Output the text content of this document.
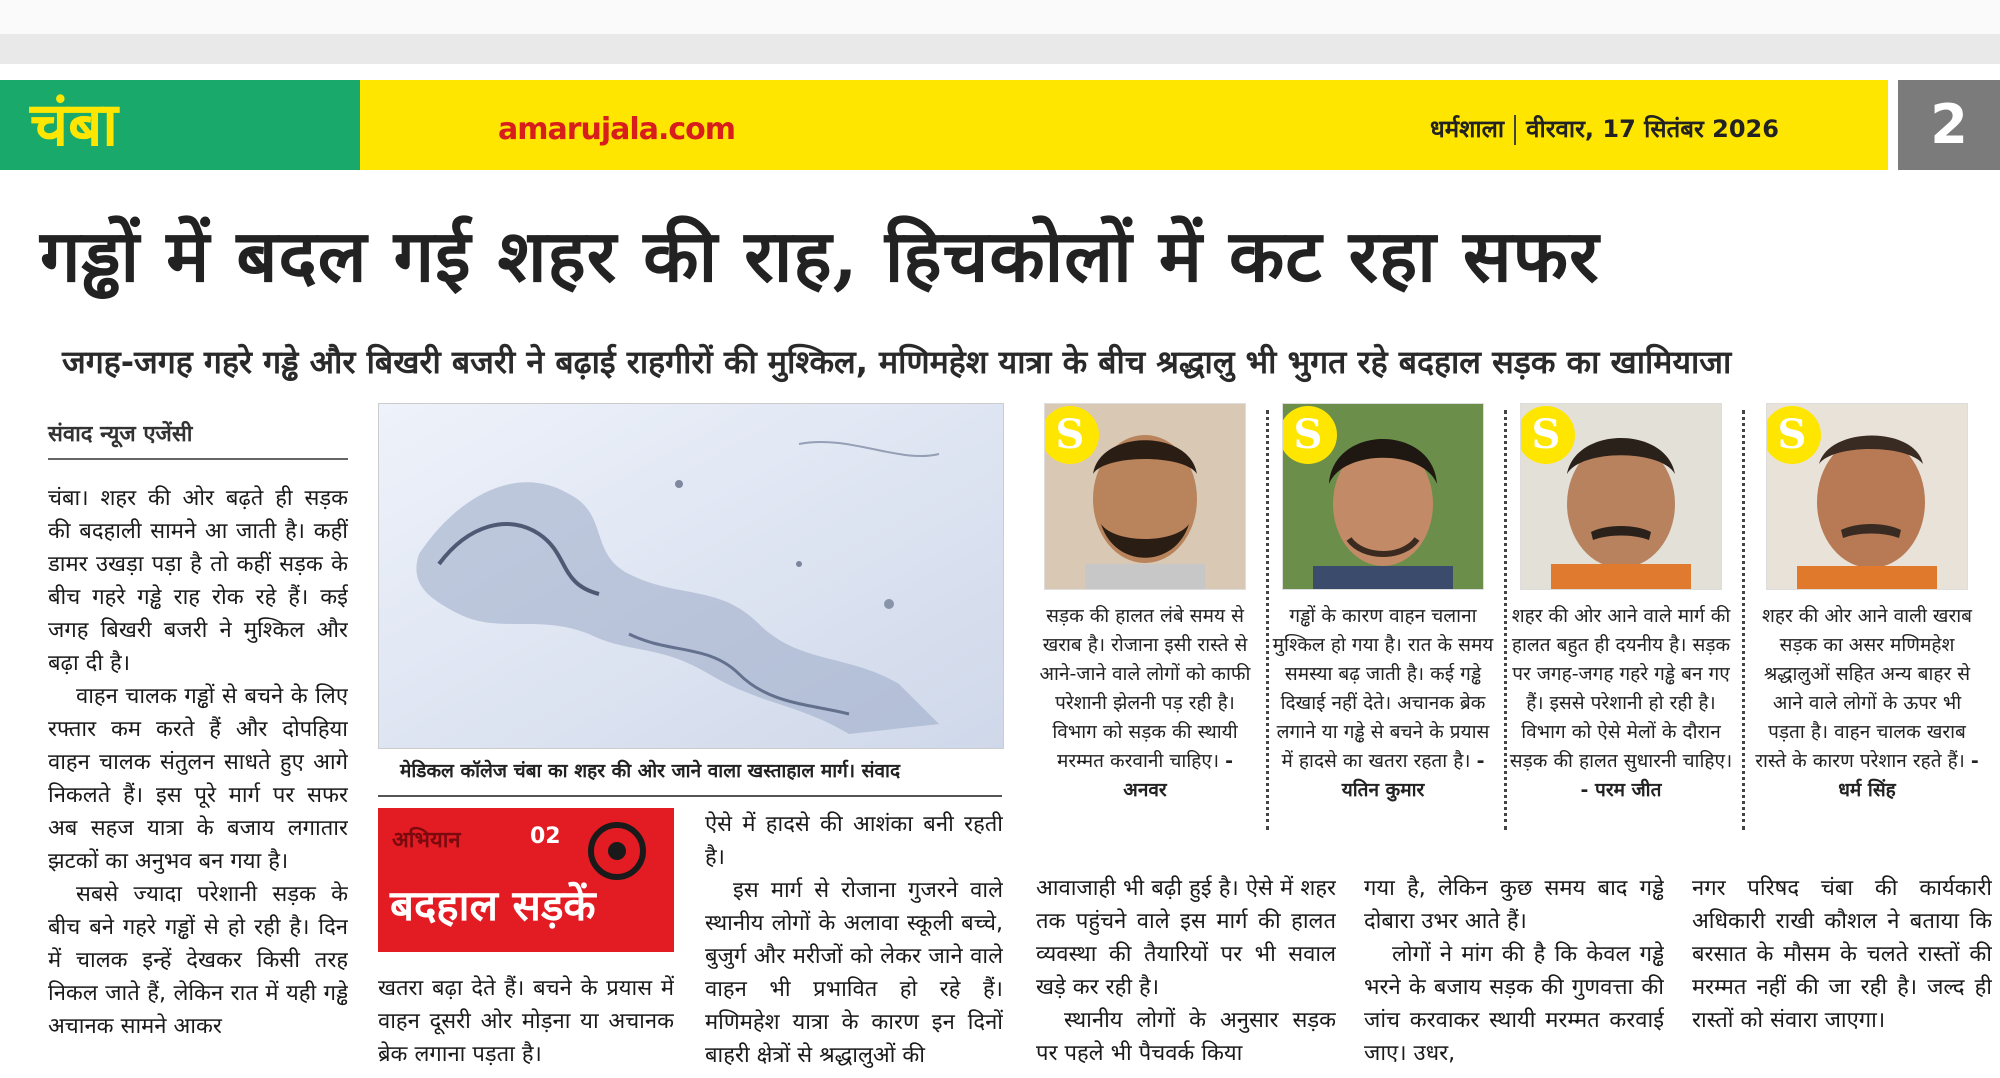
चंबा	amarujala.com	धर्मशाला वीरवार, 17 सितंबर 2026	2
गड्ढों में बदल गई शहर की राह, हिचकोलों में कट रहा सफर
जगह-जगह गहरे गड्ढे और बिखरी बजरी ने बढ़ाई राहगीरों की मुश्किल, मणिमहेश यात्रा के बीच श्रद्धालु भी भुगत रहे बदहाल सड़क का खामियाजा
संवाद न्यूज एजेंसी

चंबा। शहर की ओर बढ़ते ही सड़क की बदहाली सामने आ जाती है। कहीं डामर उखड़ा पड़ा है तो कहीं सड़क के बीच गहरे गड्ढे राह रोक रहे हैं। कई जगह बिखरी बजरी ने मुश्किल और बढ़ा दी है।

वाहन चालक गड्ढों से बचने के लिए रफ्तार कम करते हैं और दोपहिया वाहन चालक संतुलन साधते हुए आगे निकलते हैं। इस पूरे मार्ग पर सफर अब सहज यात्रा के बजाय लगातार झटकों का अनुभव बन गया है।

सबसे ज्यादा परेशानी सड़क के बीच बने गहरे गड्ढों से हो रही है। दिन में चालक इन्हें देखकर किसी तरह निकल जाते हैं, लेकिन रात में यही गड्ढे अचानक सामने आकर

मेडिकल कॉलेज चंबा का शहर की ओर जाने वाला खस्ताहाल मार्ग। संवाद
अभियान	02
बदहाल सड़कें

खतरा बढ़ा देते हैं। बचने के प्रयास में वाहन दूसरी ओर मोड़ना या अचानक ब्रेक लगाना पड़ता है।

ऐसे में हादसे की आशंका बनी रहती है।

इस मार्ग से रोजाना गुजरने वाले स्थानीय लोगों के अलावा स्कूली बच्चे, बुजुर्ग और मरीजों को लेकर जाने वाले वाहन भी प्रभावित हो रहे हैं। मणिमहेश यात्रा के कारण इन दिनों बाहरी क्षेत्रों से श्रद्धालुओं की

आवाजाही भी बढ़ी हुई है। ऐसे में शहर तक पहुंचने वाले इस मार्ग की हालत व्यवस्था की तैयारियों पर भी सवाल खड़े कर रही है।

स्थानीय लोगों के अनुसार सड़क पर पहले भी पैचवर्क किया

गया है, लेकिन कुछ समय बाद गड्ढे दोबारा उभर आते हैं।

लोगों ने मांग की है कि केवल गड्ढे भरने के बजाय सड़क की गुणवत्ता की जांच करवाकर स्थायी मरम्मत करवाई जाए। उधर,

नगर परिषद चंबा की कार्यकारी अधिकारी राखी कौशल ने बताया कि बरसात के मौसम के चलते रास्तों की मरम्मत नहीं की जा रही है। जल्द ही रास्तों को संवारा जाएगा।

S
सड़क की हालत लंबे समय से खराब है। रोजाना इसी रास्ते से आने-जाने वाले लोगों को काफी परेशानी झेलनी पड़ रही है। विभाग को सड़क की स्थायी मरम्मत करवानी चाहिए। - अनवर
S
गड्ढों के कारण वाहन चलाना मुश्किल हो गया है। रात के समय समस्या बढ़ जाती है। कई गड्ढे दिखाई नहीं देते। अचानक ब्रेक लगाने या गड्ढे से बचने के प्रयास में हादसे का खतरा रहता है। - यतिन कुमार
S
शहर की ओर आने वाले मार्ग की हालत बहुत ही दयनीय है। सड़क पर जगह-जगह गहरे गड्ढे बन गए हैं। इससे परेशानी हो रही है। विभाग को ऐसे मेलों के दौरान सड़क की हालत सुधारनी चाहिए। - परम जीत
S
शहर की ओर आने वाली खराब सड़क का असर मणिमहेश श्रद्धालुओं सहित अन्य बाहर से आने वाले लोगों के ऊपर भी पड़ता है। वाहन चालक खराब रास्ते के कारण परेशान रहते हैं। - धर्म सिंह
